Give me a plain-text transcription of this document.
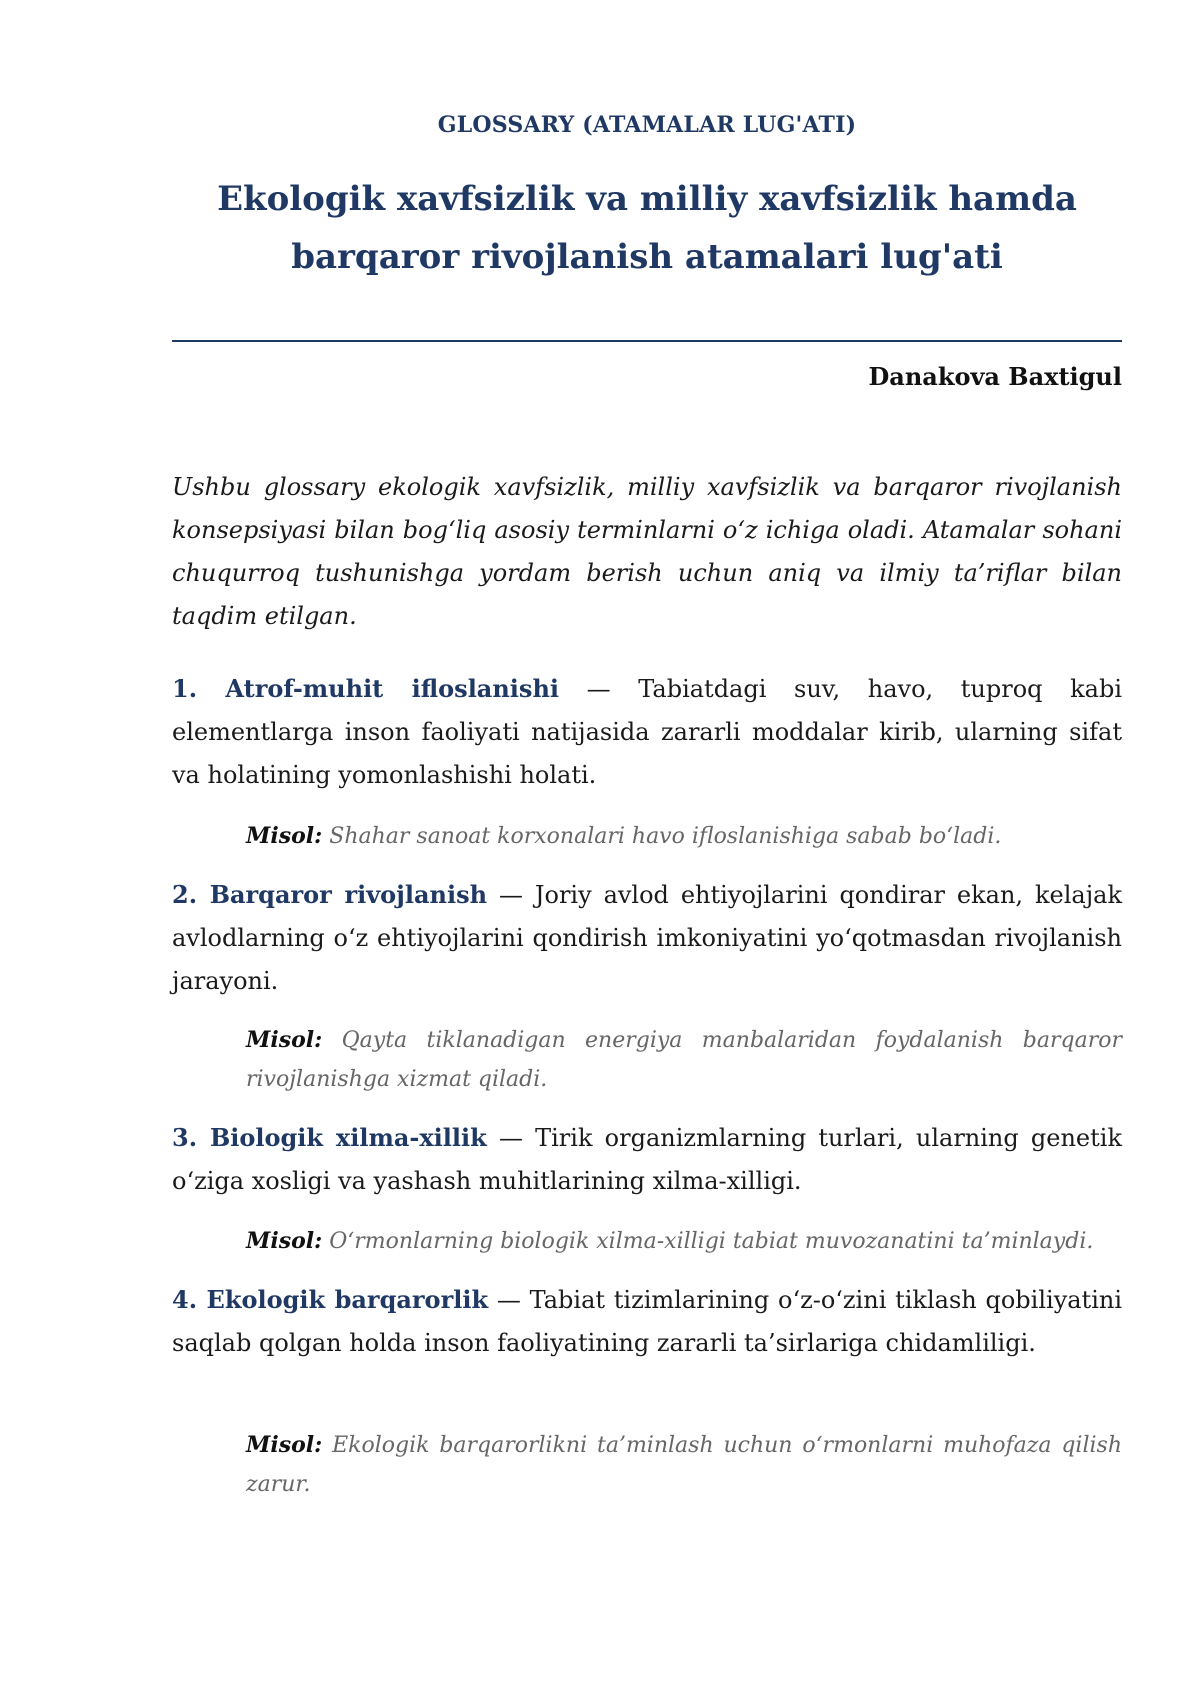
GLOSSARY (ATAMALAR LUG'ATI)
Ekologik xavfsizlik va milliy xavfsizlik hamda
barqaror rivojlanish atamalari lug'ati
Danakova Baxtigul

Ushbu glossary ekologik xavfsizlik, milliy xavfsizlik va barqaror rivojlanish konsepsiyasi bilan bog‘liq asosiy terminlarni o‘z ichiga oladi. Atamalar sohani chuqurroq tushunishga yordam berish uchun aniq va ilmiy ta’riflar bilan taqdim etilgan.

1. Atrof-muhit ifloslanishi — Tabiatdagi suv, havo, tuproq kabi elementlarga inson faoliyati natijasida zararli moddalar kirib, ularning sifat va holatining yomonlashishi holati.

Misol: Shahar sanoat korxonalari havo ifloslanishiga sabab bo‘ladi.

2. Barqaror rivojlanish — Joriy avlod ehtiyojlarini qondirar ekan, kelajak avlodlarning o‘z ehtiyojlarini qondirish imkoniyatini yo‘qotmasdan rivojlanish jarayoni.

Misol: Qayta tiklanadigan energiya manbalaridan foydalanish barqaror rivojlanishga xizmat qiladi.

3. Biologik xilma-xillik — Tirik organizmlarning turlari, ularning genetik o‘ziga xosligi va yashash muhitlarining xilma-xilligi.

Misol: O‘rmonlarning biologik xilma-xilligi tabiat muvozanatini ta’minlaydi.

4. Ekologik barqarorlik — Tabiat tizimlarining o‘z-o‘zini tiklash qobiliyatini saqlab qolgan holda inson faoliyatining zararli ta’sirlariga chidamliligi.

Misol: Ekologik barqarorlikni ta’minlash uchun o‘rmonlarni muhofaza qilish zarur.
